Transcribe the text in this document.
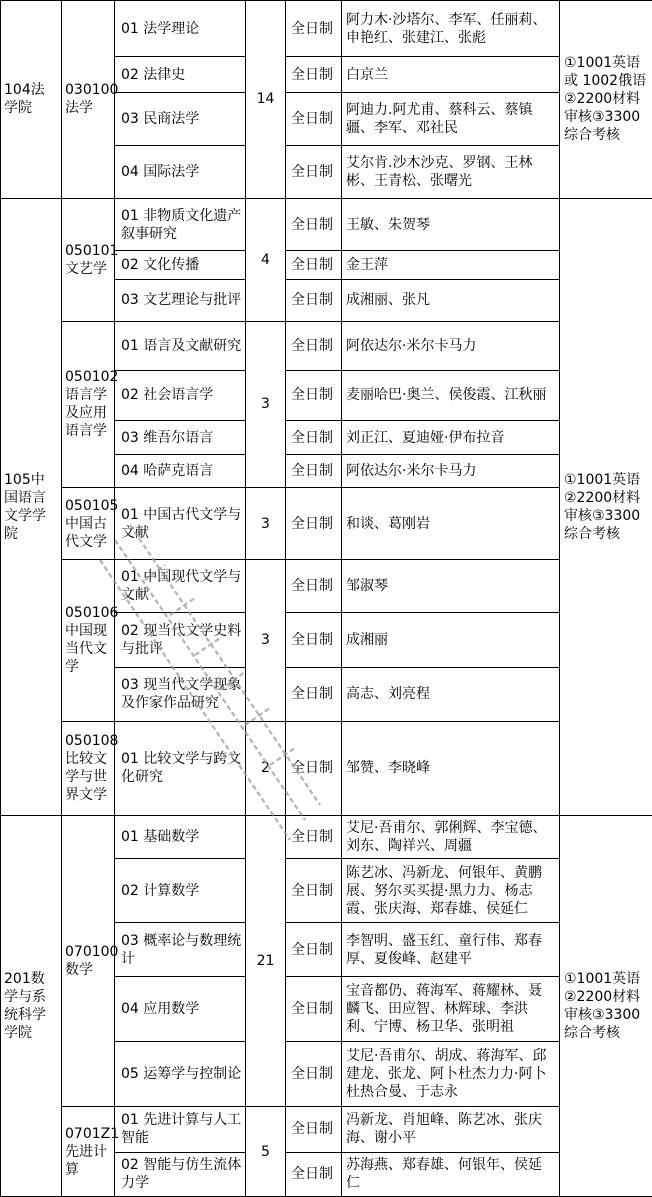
104法学院	030100法学	01 法学理论	14	全日制	阿力木·沙塔尔、李军、任丽莉、申艳红、张建江、张彪	①1001英语或 1002俄语②2200材料审核③3300综合考核
		02 法律史		全日制	白京兰	
		03 民商法学		全日制	阿迪力.阿尤甫、蔡科云、蔡镇疆、李军、邓社民	
		04 国际法学		全日制	艾尔肯.沙木沙克、罗钢、王林彬、王青松、张曙光	
105中国语言文学学院	050101文艺学	01 非物质文化遗产叙事研究	4	全日制	王敏、朱贺琴	①1001英语②2200材料审核③3300综合考核
		02 文化传播		全日制	金王萍	
		03 文艺理论与批评		全日制	成湘丽、张凡	
	050102语言学及应用语言学	01 语言及文献研究	3	全日制	阿依达尔·米尔卡马力	
		02 社会语言学		全日制	麦丽哈巴·奥兰、侯俊霞、江秋丽	
		03 维吾尔语言		全日制	刘正江、夏迪娅·伊布拉音	
		04 哈萨克语言		全日制	阿依达尔·米尔卡马力	
	050105中国古代文学	01 中国古代文学与文献	3	全日制	和谈、葛刚岩	
	050106中国现当代文学	01 中国现代文学与文献	3	全日制	邹淑琴	
		02 现当代文学史料与批评		全日制	成湘丽	
		03 现当代文学现象及作家作品研究		全日制	高志、刘亮程	
	050108比较文学与世界文学	01 比较文学与跨文化研究	2	全日制	邹赞、李晓峰	
201数学与系统科学学院	070100数学	01 基础数学	21	全日制	艾尼·吾甫尔、郭俐辉、李宝德、刘东、陶祥兴、周疆	①1001英语②2200材料审核③3300综合考核
		02 计算数学		全日制	陈艺冰、冯新龙、何银年、黄鹏展、努尔买买提·黑力力、杨志霞、张庆海、郑春雄、侯延仁	
		03 概率论与数理统计		全日制	李智明、盛玉红、童行伟、郑春厚、夏俊峰、赵建平	
		04 应用数学		全日制	宝音都仍、蒋海军、蒋耀林、聂麟飞、田应智、林辉球、李洪利、宁博、杨卫华、张明祖	
		05 运筹学与控制论		全日制	艾尼·吾甫尔、胡成、蒋海军、邱建龙、张龙、阿卜杜杰力力·阿卜杜热合曼、于志永	
	0701Z1先进计算	01 先进计算与人工智能	5	全日制	冯新龙、肖旭峰、陈艺冰、张庆海、谢小平	
		02 智能与仿生流体力学		全日制	苏海燕、郑春雄、何银年、侯延仁	
